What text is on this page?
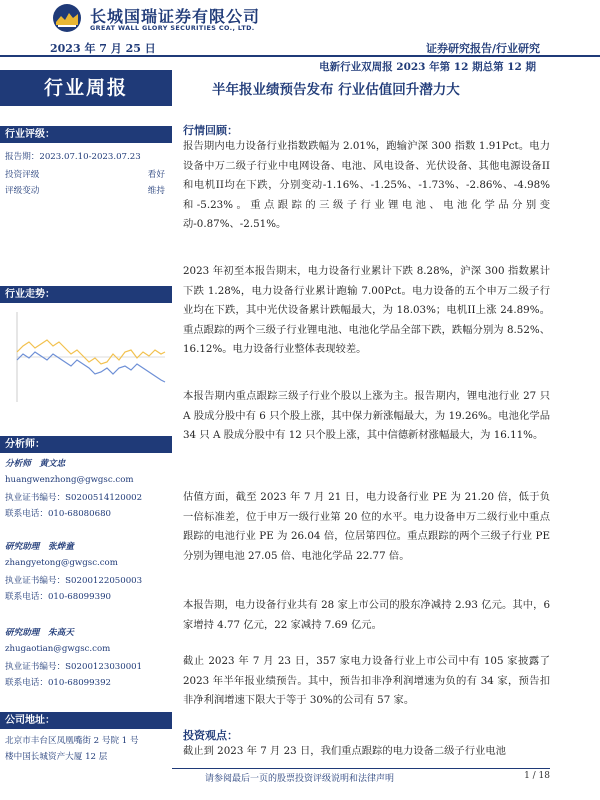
长城国瑞证券有限公司
GREAT WALL GLORY SECURITIES CO., LTD.
2023 年 7 月 25 日	证券研究报告/行业研究
电新行业双周报 2023 年第 12 期总第 12 期
行业周报	半年报业绩预告发布 行业估值回升潜力大
行业评级：
报告期：2023.07.10-2023.07.23
投资评级	看好
评级变动	维持
行业走势：
分析师：
分析师　 黄文忠
huangwenzhong@gwgsc.com
执业证书编号：S0200514120002
联系电话：010-68080680
研究助理　 张烨童
zhangyetong@gwgsc.com
执业证书编号：S0200122050003
联系电话：010-68099390
研究助理　 朱高天
zhugaotian@gwgsc.com
执业证书编号：S0200123030001
联系电话：010-68099392
公司地址：
北京市丰台区凤凰嘴街 2 号院 1 号
楼中国长城资产大厦 12 层
行情回顾：

报告期内电力设备行业指数跌幅为 2.01%，跑输沪深 300 指数 1.91Pct。电力设备中万二级子行业中电网设备、电池、风电设备、光伏设备、其他电源设备II和电机II均在下跌，分别变动-1.16%、-1.25%、-1.73%、-2.86%、-4.98%和-5.23%。重点跟踪的三级子行业锂电池、电池化学品分别变动-0.87%、-2.51%。

2023 年初至本报告期末，电力设备行业累计下跌 8.28%，沪深 300 指数累计下跌 1.28%，电力设备行业累计跑输 7.00Pct。电力设备的五个申万二级子行业均在下跌，其中光伏设备累计跌幅最大，为 18.03%；电机II上涨 24.89%。重点跟踪的两个三级子行业锂电池、电池化学品全部下跌，跌幅分别为 8.52%、16.12%。电力设备行业整体表现较差。

本报告期内重点跟踪三级子行业个股以上涨为主。报告期内，锂电池行业 27 只 A 股成分股中有 6 只个股上涨，其中保力新涨幅最大，为 19.26%。电池化学品 34 只 A 股成分股中有 12 只个股上涨，其中信德新材涨幅最大，为 16.11%。

估值方面，截至 2023 年 7 月 21 日，电力设备行业 PE 为 21.20 倍，低于负一倍标准差，位于申万一级行业第 20 位的水平。电力设备申万二级行业中重点跟踪的电池行业 PE 为 26.04 倍，位居第四位。重点跟踪的两个三级子行业 PE 分别为锂电池 27.05 倍、电池化学品 22.77 倍。

本报告期，电力设备行业共有 28 家上市公司的股东净减持 2.93 亿元。其中，6 家增持 4.77 亿元，22 家减持 7.69 亿元。

截止 2023 年 7 月 23 日，357 家电力设备行业上市公司中有 105 家披露了 2023 年半年报业绩预告。其中，预告扣非净利润增速为负的有 34 家，预告扣非净利润增速下限大于等于 30%的公司有 57 家。

投资观点：

截止到 2023 年 7 月 23 日，我们重点跟踪的电力设备二级子行业电池

请参阅最后一页的股票投资评级说明和法律声明	1 / 18
